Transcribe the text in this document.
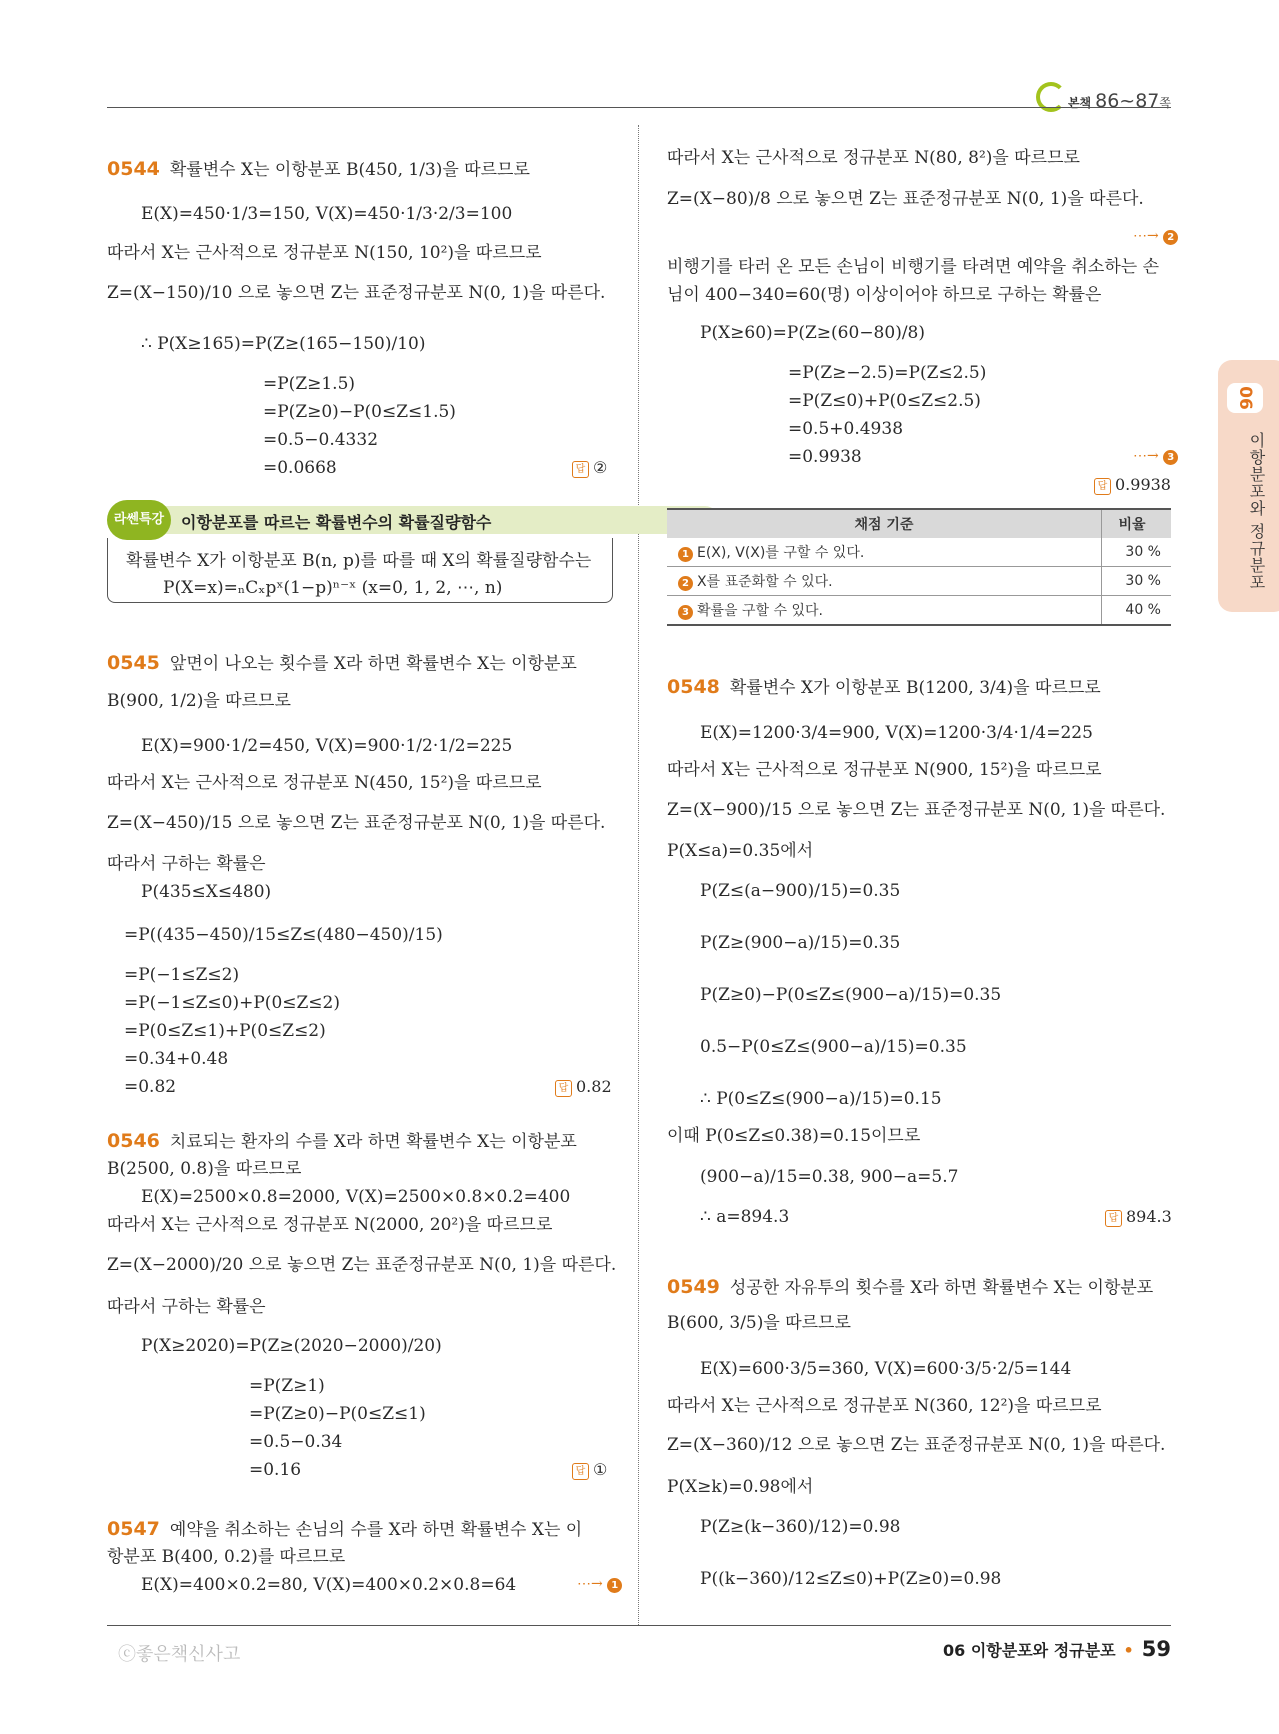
본책 86~87쪽
06
이항분포와 정규분포
0544 확률변수 X는 이항분포 B(450, 1/3)을 따르므로
E(X)=450·1/3=150, V(X)=450·1/3·2/3=100
따라서 X는 근사적으로 정규분포 N(150, 10²)을 따르므로
Z=(X−150)/10 으로 놓으면 Z는 표준정규분포 N(0, 1)을 따른다.
∴ P(X≥165)=P(Z≥(165−150)/10)
=P(Z≥1.5)
=P(Z≥0)−P(0≤Z≤1.5)
=0.5−0.4332
=0.0668	답 ②
라쎈특강	이항분포를 따르는 확률변수의 확률질량함수
확률변수 X가 이항분포 B(n, p)를 따를 때 X의 확률질량함수는
P(X=x)=ₙCₓpˣ(1−p)ⁿ⁻ˣ (x=0, 1, 2, ⋯, n)
0545 앞면이 나오는 횟수를 X라 하면 확률변수 X는 이항분포
B(900, 1/2)을 따르므로
E(X)=900·1/2=450, V(X)=900·1/2·1/2=225
따라서 X는 근사적으로 정규분포 N(450, 15²)을 따르므로
Z=(X−450)/15 으로 놓으면 Z는 표준정규분포 N(0, 1)을 따른다.
따라서 구하는 확률은
P(435≤X≤480)
=P((435−450)/15≤Z≤(480−450)/15)
=P(−1≤Z≤2)
=P(−1≤Z≤0)+P(0≤Z≤2)
=P(0≤Z≤1)+P(0≤Z≤2)
=0.34+0.48
=0.82	답 0.82
0546 치료되는 환자의 수를 X라 하면 확률변수 X는 이항분포
B(2500, 0.8)을 따르므로
E(X)=2500×0.8=2000, V(X)=2500×0.8×0.2=400
따라서 X는 근사적으로 정규분포 N(2000, 20²)을 따르므로
Z=(X−2000)/20 으로 놓으면 Z는 표준정규분포 N(0, 1)을 따른다.
따라서 구하는 확률은
P(X≥2020)=P(Z≥(2020−2000)/20)
=P(Z≥1)
=P(Z≥0)−P(0≤Z≤1)
=0.5−0.34
=0.16	답 ①
0547 예약을 취소하는 손님의 수를 X라 하면 확률변수 X는 이
항분포 B(400, 0.2)를 따르므로
E(X)=400×0.2=80, V(X)=400×0.2×0.8=64	⋯→ 1
따라서 X는 근사적으로 정규분포 N(80, 8²)을 따르므로
Z=(X−80)/8 으로 놓으면 Z는 표준정규분포 N(0, 1)을 따른다.
⋯→ 2
비행기를 타러 온 모든 손님이 비행기를 타려면 예약을 취소하는 손
님이 400−340=60(명) 이상이어야 하므로 구하는 확률은
P(X≥60)=P(Z≥(60−80)/8)
=P(Z≥−2.5)=P(Z≤2.5)
=P(Z≤0)+P(0≤Z≤2.5)
=0.5+0.4938
=0.9938	⋯→ 3
답 0.9938
채점 기준	비율
1 E(X), V(X)를 구할 수 있다.	30 %
2 X를 표준화할 수 있다.	30 %
3 확률을 구할 수 있다.	40 %
0548 확률변수 X가 이항분포 B(1200, 3/4)을 따르므로
E(X)=1200·3/4=900, V(X)=1200·3/4·1/4=225
따라서 X는 근사적으로 정규분포 N(900, 15²)을 따르므로
Z=(X−900)/15 으로 놓으면 Z는 표준정규분포 N(0, 1)을 따른다.
P(X≤a)=0.35에서
P(Z≤(a−900)/15)=0.35
P(Z≥(900−a)/15)=0.35
P(Z≥0)−P(0≤Z≤(900−a)/15)=0.35
0.5−P(0≤Z≤(900−a)/15)=0.35
∴ P(0≤Z≤(900−a)/15)=0.15
이때 P(0≤Z≤0.38)=0.15이므로
(900−a)/15=0.38, 900−a=5.7
∴ a=894.3	답 894.3
0549 성공한 자유투의 횟수를 X라 하면 확률변수 X는 이항분포
B(600, 3/5)을 따르므로
E(X)=600·3/5=360, V(X)=600·3/5·2/5=144
따라서 X는 근사적으로 정규분포 N(360, 12²)을 따르므로
Z=(X−360)/12 으로 놓으면 Z는 표준정규분포 N(0, 1)을 따른다.
P(X≥k)=0.98에서
P(Z≥(k−360)/12)=0.98
P((k−360)/12≤Z≤0)+P(Z≥0)=0.98
ⓒ좋은책신사고	06 이항분포와 정규분포 • 59
